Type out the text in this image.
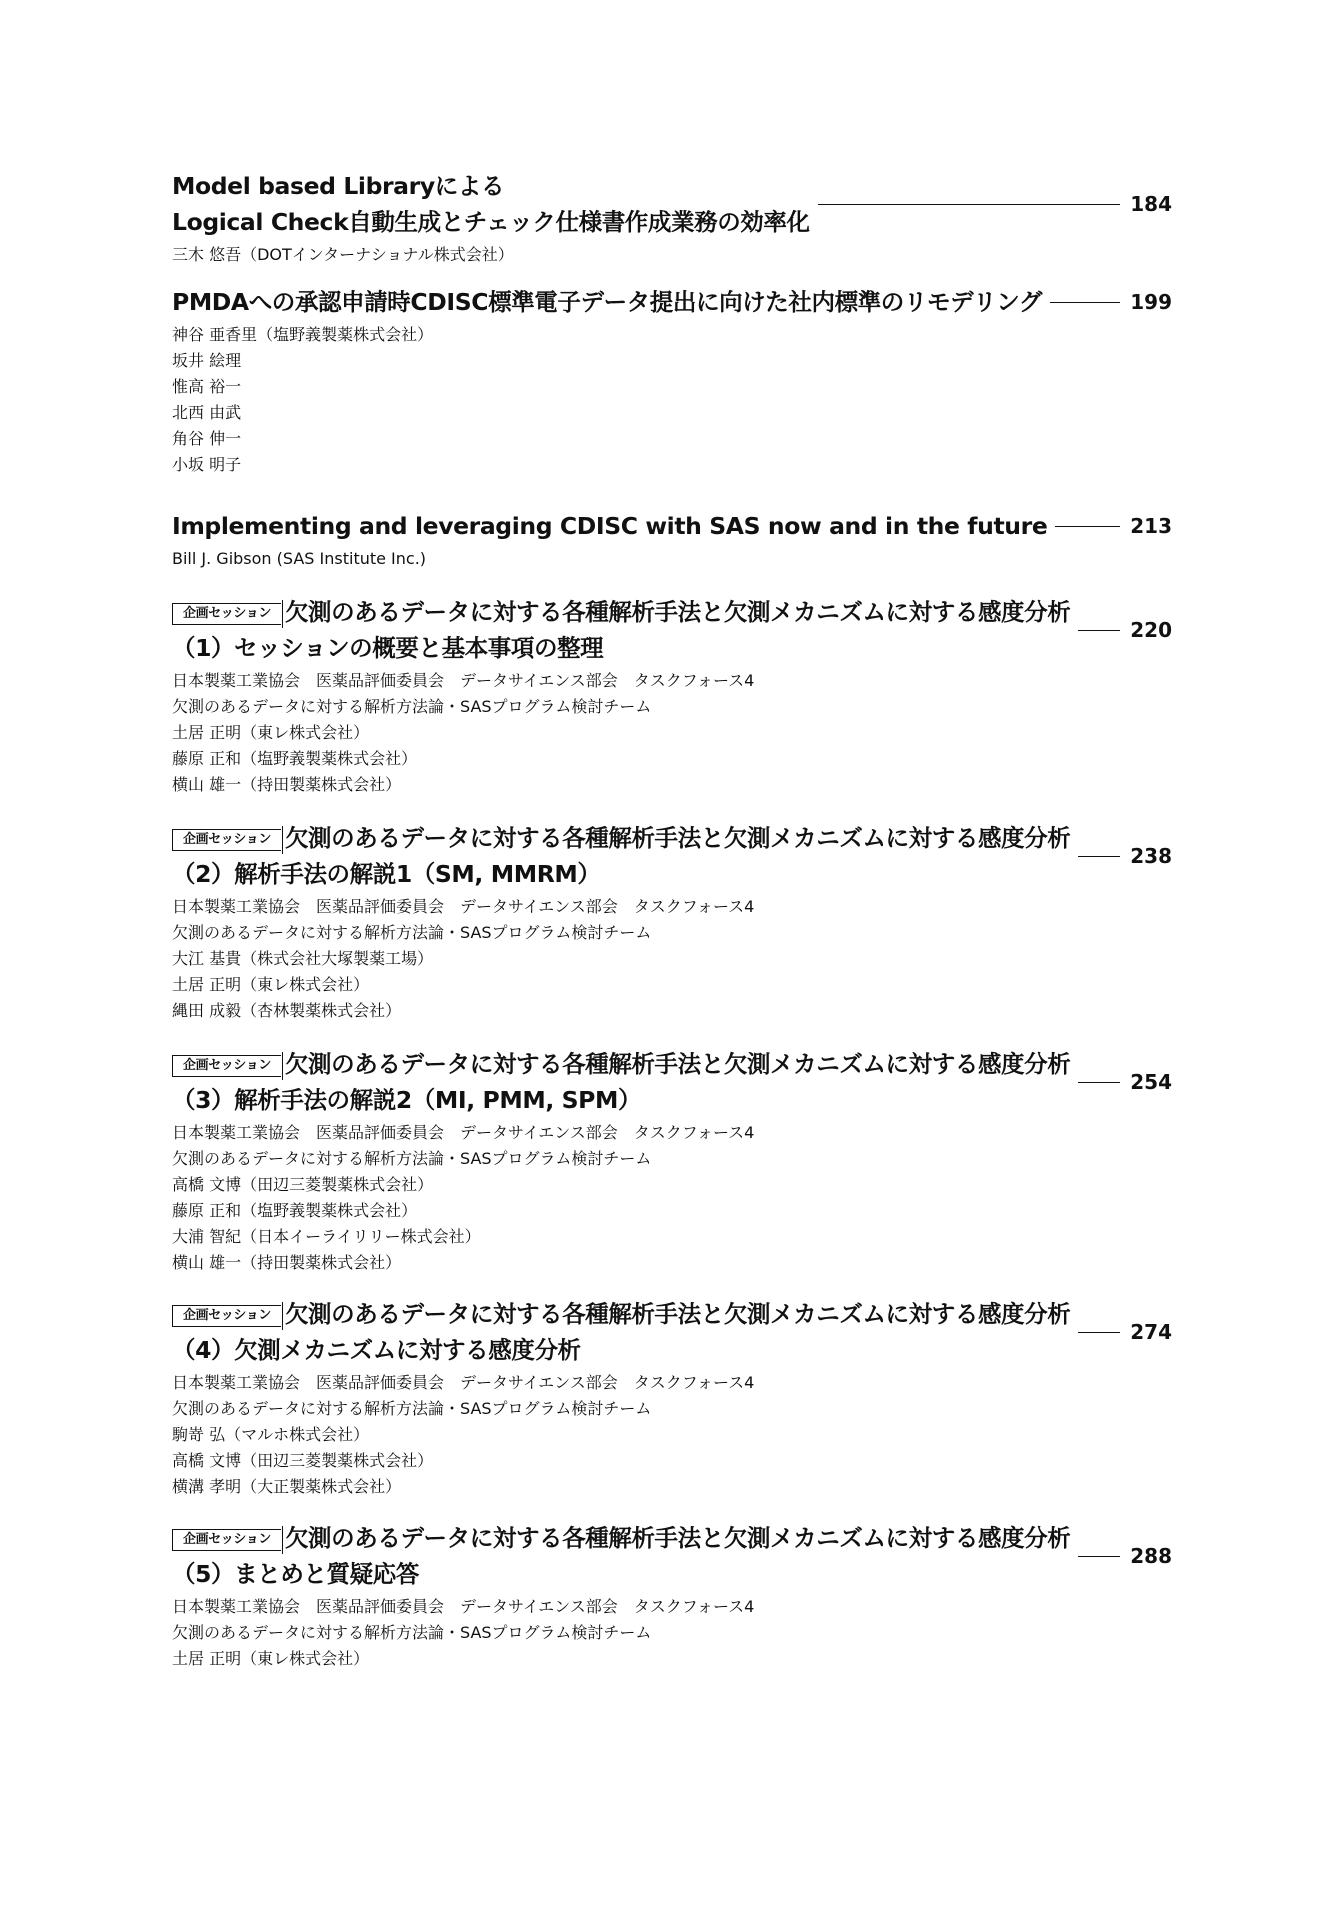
Model based Libraryによる
Logical Check自動生成とチェック仕様書作成業務の効率化
184
三木 悠吾（DOTインターナショナル株式会社）
PMDAへの承認申請時CDISC標準電子データ提出に向けた社内標準のリモデリング	199
神谷 亜香里（塩野義製薬株式会社）
坂井 絵理
惟高 裕一
北西 由武
角谷 伸一
小坂 明子
Implementing and leveraging CDISC with SAS now and in the future	213
Bill J. Gibson (SAS Institute Inc.)
企画セッション 欠測のあるデータに対する各種解析手法と欠測メカニズムに対する感度分析
（1）セッションの概要と基本事項の整理
220
日本製薬工業協会　医薬品評価委員会　データサイエンス部会　タスクフォース4
欠測のあるデータに対する解析方法論・SASプログラム検討チーム
土居 正明（東レ株式会社）
藤原 正和（塩野義製薬株式会社）
横山 雄一（持田製薬株式会社）
企画セッション 欠測のあるデータに対する各種解析手法と欠測メカニズムに対する感度分析
（2）解析手法の解説1（SM, MMRM）
238
日本製薬工業協会　医薬品評価委員会　データサイエンス部会　タスクフォース4
欠測のあるデータに対する解析方法論・SASプログラム検討チーム
大江 基貴（株式会社大塚製薬工場）
土居 正明（東レ株式会社）
縄田 成毅（杏林製薬株式会社）
企画セッション 欠測のあるデータに対する各種解析手法と欠測メカニズムに対する感度分析
（3）解析手法の解説2（MI, PMM, SPM）
254
日本製薬工業協会　医薬品評価委員会　データサイエンス部会　タスクフォース4
欠測のあるデータに対する解析方法論・SASプログラム検討チーム
高橋 文博（田辺三菱製薬株式会社）
藤原 正和（塩野義製薬株式会社）
大浦 智紀（日本イーライリリー株式会社）
横山 雄一（持田製薬株式会社）
企画セッション 欠測のあるデータに対する各種解析手法と欠測メカニズムに対する感度分析
（4）欠測メカニズムに対する感度分析
274
日本製薬工業協会　医薬品評価委員会　データサイエンス部会　タスクフォース4
欠測のあるデータに対する解析方法論・SASプログラム検討チーム
駒嵜 弘（マルホ株式会社）
高橋 文博（田辺三菱製薬株式会社）
横溝 孝明（大正製薬株式会社）
企画セッション 欠測のあるデータに対する各種解析手法と欠測メカニズムに対する感度分析
（5）まとめと質疑応答
288
日本製薬工業協会　医薬品評価委員会　データサイエンス部会　タスクフォース4
欠測のあるデータに対する解析方法論・SASプログラム検討チーム
土居 正明（東レ株式会社）
